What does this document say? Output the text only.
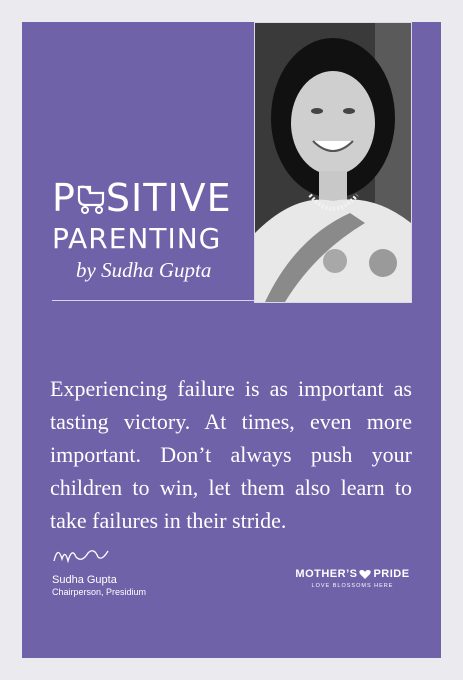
P SITIVE
PARENTING
by Sudha Gupta
Experiencing failure is as important as tasting victory. At times, even more important. Don’t always push your children to win, let them also learn to take failures in their stride.
Sudha Gupta
Chairperson, Presidium
MOTHER’S PRIDE
LOVE BLOSSOMS HERE
